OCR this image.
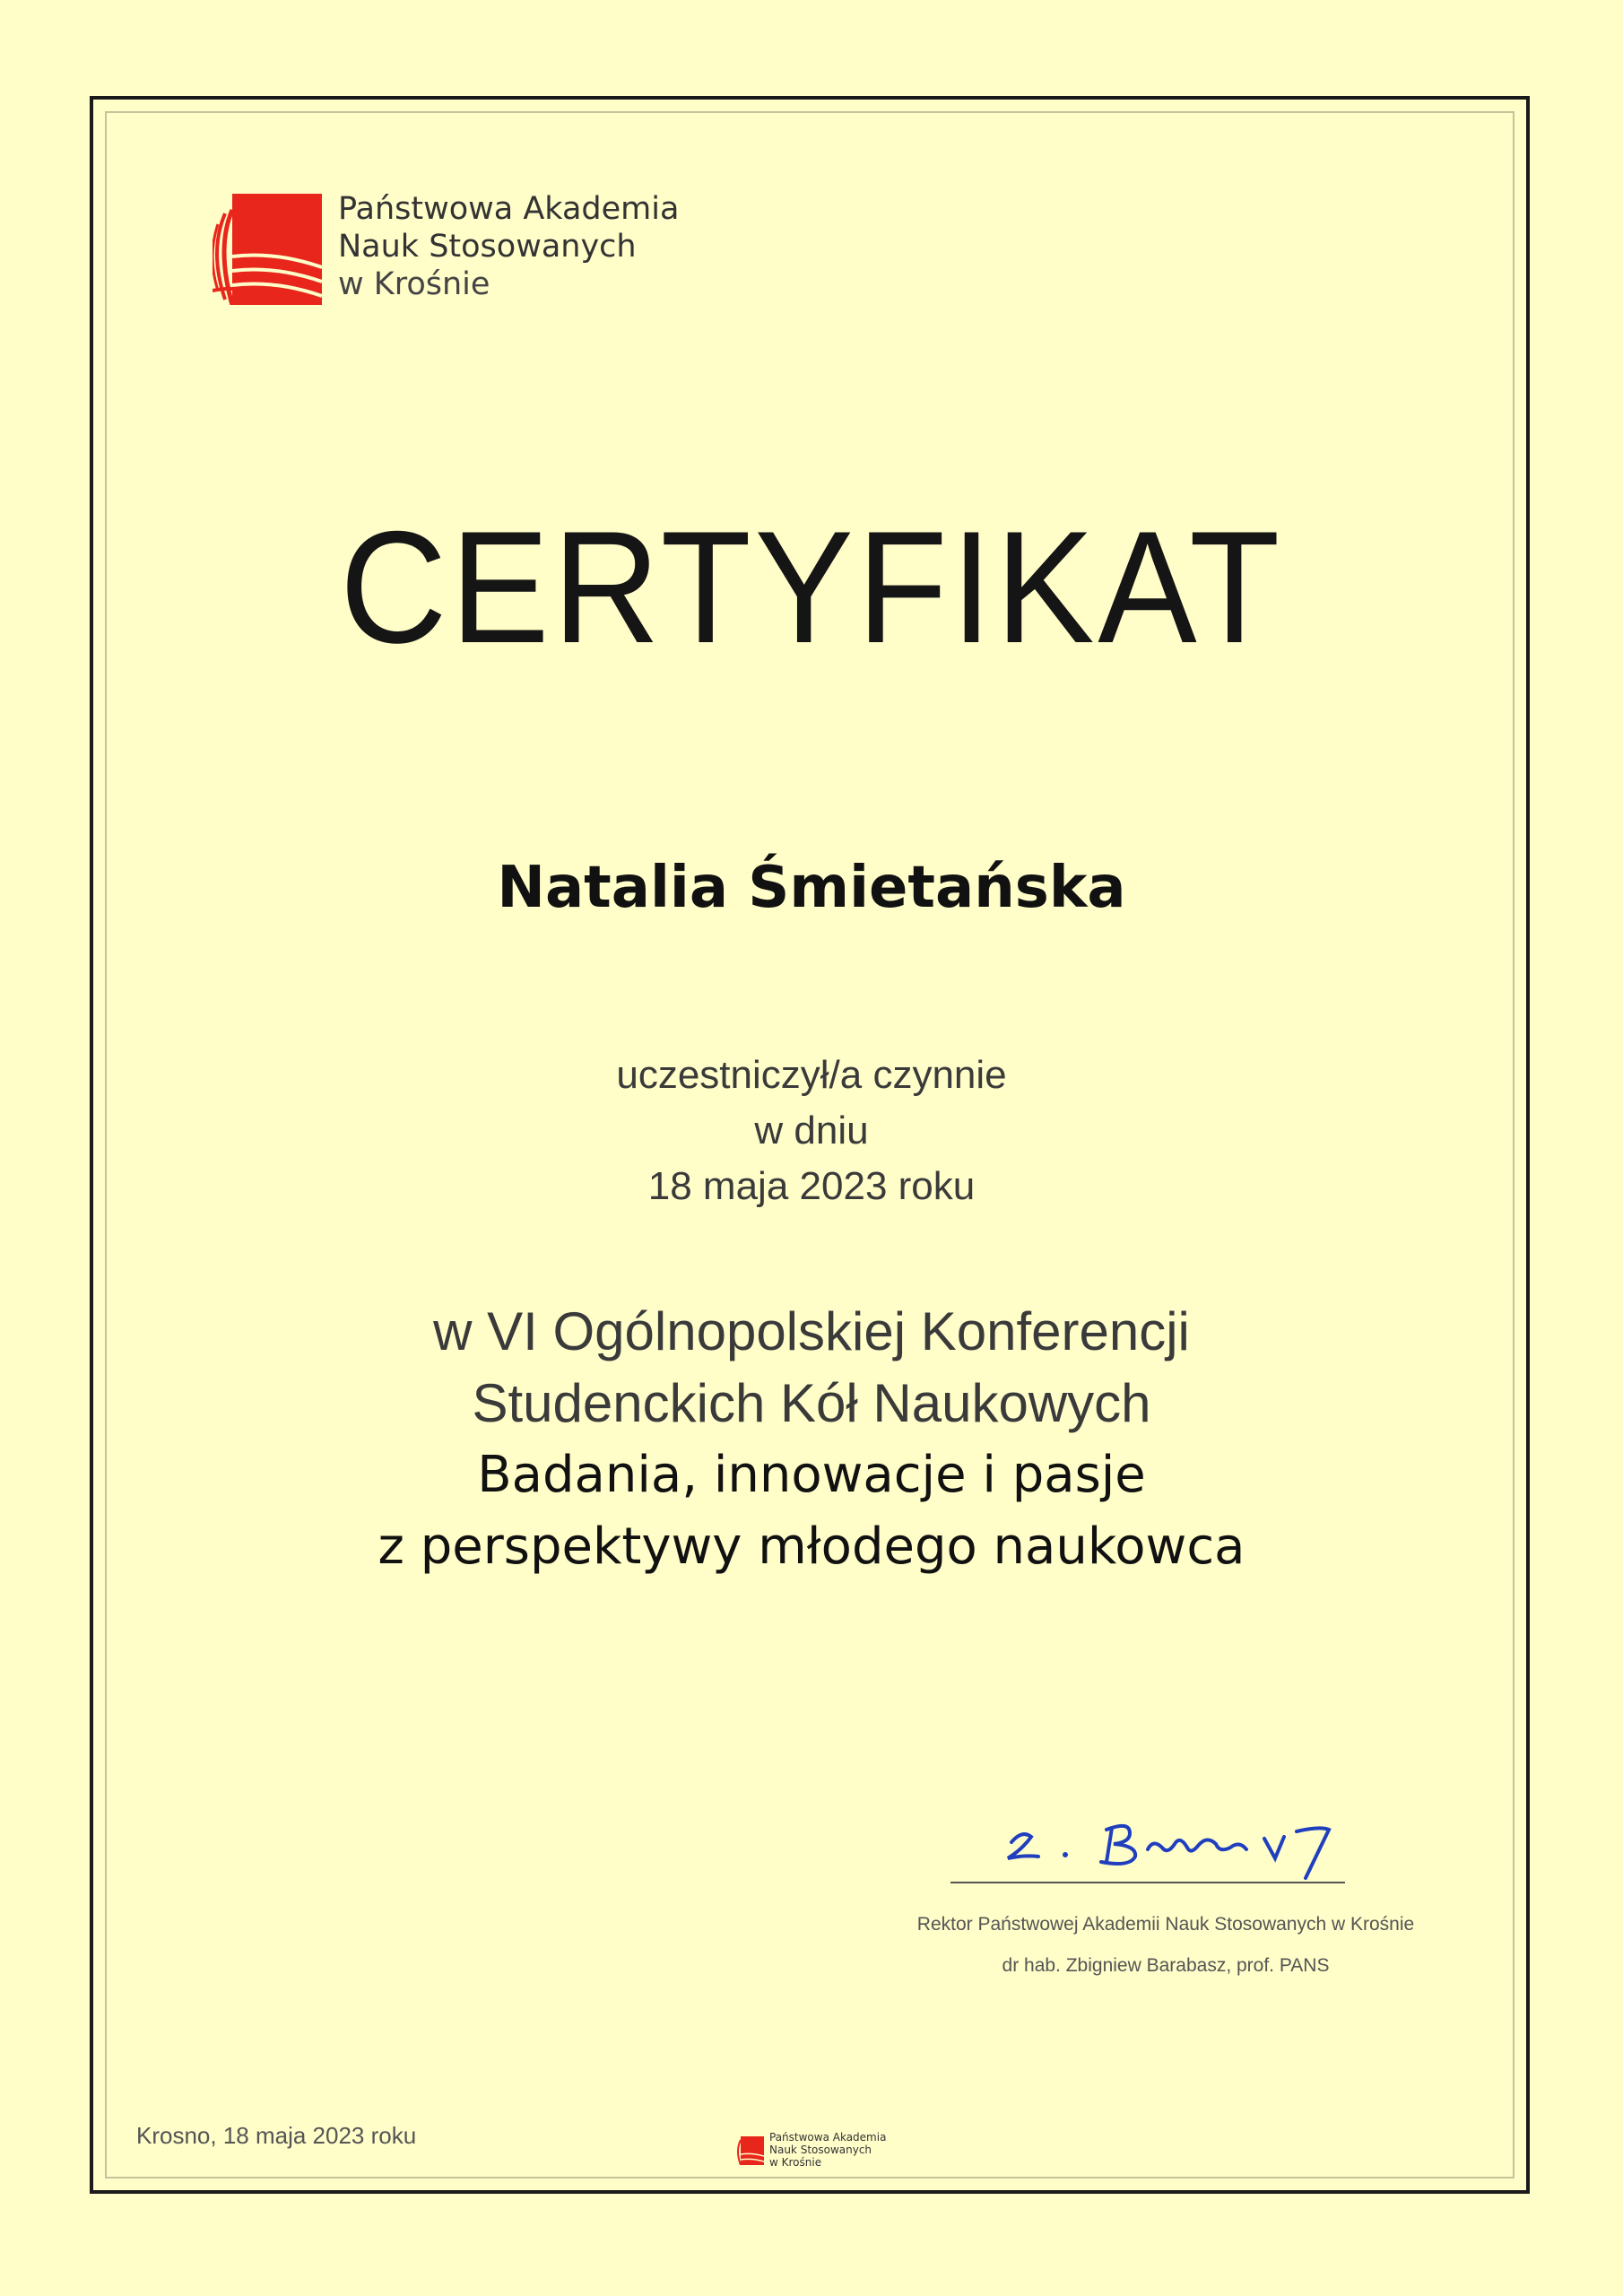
Państwowa Akademia
Nauk Stosowanych
w Krośnie
CERTYFIKAT
Natalia Śmietańska
uczestniczył/a czynnie
w dniu
18 maja 2023 roku
w VI Ogólnopolskiej Konferencji
Studenckich Kół Naukowych
Badania, innowacje i pasje
z perspektywy młodego naukowca
Rektor Państwowej Akademii Nauk Stosowanych w Krośnie
dr hab. Zbigniew Barabasz, prof. PANS
Krosno, 18 maja 2023 roku	Państwowa Akademia
Nauk Stosowanych
w Krośnie
